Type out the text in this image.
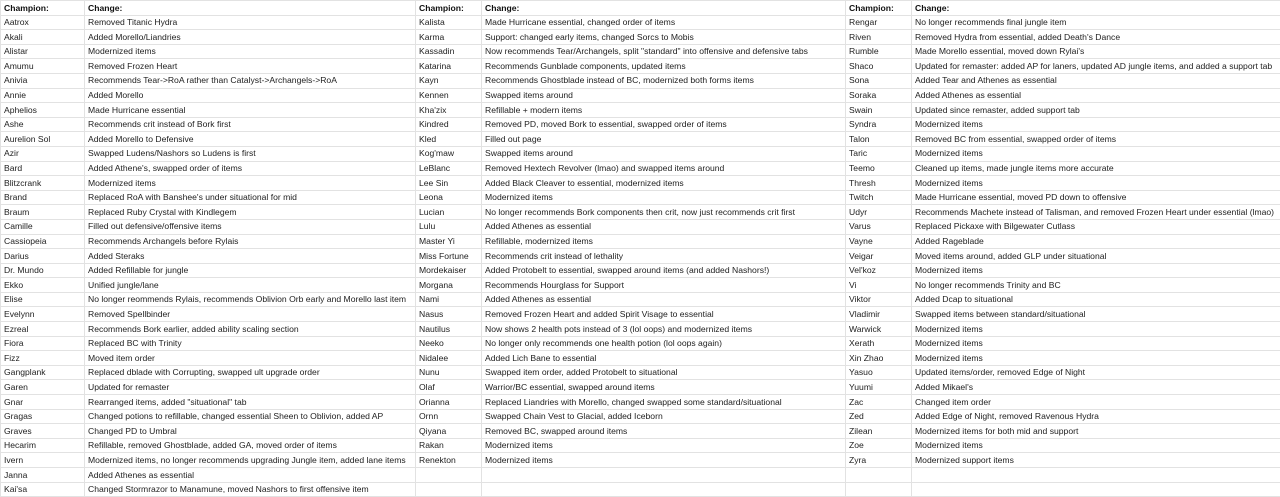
Champion:	Change:	Champion:	Change:	Champion:	Change:
Aatrox	Removed Titanic Hydra	Kalista	Made Hurricane essential, changed order of items	Rengar	No longer recommends final jungle item
Akali	Added Morello/Liandries	Karma	Support: changed early items, changed Sorcs to Mobis	Riven	Removed Hydra from essential, added Death's Dance
Alistar	Modernized items	Kassadin	Now recommends Tear/Archangels, split "standard" into offensive and defensive tabs	Rumble	Made Morello essential, moved down Rylai's
Amumu	Removed Frozen Heart	Katarina	Recommends Gunblade components, updated items	Shaco	Updated for remaster: added AP for laners, updated AD jungle items, and added a support tab
Anivia	Recommends Tear->RoA rather than Catalyst->Archangels->RoA	Kayn	Recommends Ghostblade instead of BC, modernized both forms items	Sona	Added Tear and Athenes as essential
Annie	Added Morello	Kennen	Swapped items around	Soraka	Added Athenes as essential
Aphelios	Made Hurricane essential	Kha'zix	Refillable + modern items	Swain	Updated since remaster, added support tab
Ashe	Recommends crit instead of Bork first	Kindred	Removed PD, moved Bork to essential, swapped order of items	Syndra	Modernized items
Aurelion Sol	Added Morello to Defensive	Kled	Filled out page	Talon	Removed BC from essential, swapped order of items
Azir	Swapped Ludens/Nashors so Ludens is first	Kog'maw	Swapped items around	Taric	Modernized items
Bard	Added Athene's, swapped order of items	LeBlanc	Removed Hextech Revolver (lmao) and swapped items around	Teemo	Cleaned up items, made jungle items more accurate
Blitzcrank	Modernized items	Lee Sin	Added Black Cleaver to essential, modernized items	Thresh	Modernized items
Brand	Replaced RoA with Banshee's under situational for mid	Leona	Modernized items	Twitch	Made Hurricane essential, moved PD down to offensive
Braum	Replaced Ruby Crystal with Kindlegem	Lucian	No longer recommends Bork components then crit, now just recommends crit first	Udyr	Recommends Machete instead of Talisman, and removed Frozen Heart under essential (lmao)
Camille	Filled out defensive/offensive items	Lulu	Added Athenes as essential	Varus	Replaced Pickaxe with Bilgewater Cutlass
Cassiopeia	Recommends Archangels before Rylais	Master Yi	Refillable, modernized items	Vayne	Added Rageblade
Darius	Added Steraks	Miss Fortune	Recommends crit instead of lethality	Veigar	Moved items around, added GLP under situational
Dr. Mundo	Added Refillable for jungle	Mordekaiser	Added Protobelt to essential, swapped around items (and added Nashors!)	Vel'koz	Modernized items
Ekko	Unified jungle/lane	Morgana	Recommends Hourglass for Support	Vi	No longer recommends Trinity and BC
Elise	No longer reommends Rylais, recommends Oblivion Orb early and Morello last item	Nami	Added Athenes as essential	Viktor	Added Dcap to situational
Evelynn	Removed Spellbinder	Nasus	Removed Frozen Heart and added Spirit Visage to essential	Vladimir	Swapped items between standard/situational
Ezreal	Recommends Bork earlier, added ability scaling section	Nautilus	Now shows 2 health pots instead of 3 (lol oops) and modernized items	Warwick	Modernized items
Fiora	Replaced BC with Trinity	Neeko	No longer only recommends one health potion (lol oops again)	Xerath	Modernized items
Fizz	Moved item order	Nidalee	Added Lich Bane to essential	Xin Zhao	Modernized items
Gangplank	Replaced dblade with Corrupting, swapped ult upgrade order	Nunu	Swapped item order, added Protobelt to situational	Yasuo	Updated items/order, removed Edge of Night
Garen	Updated for remaster	Olaf	Warrior/BC essential, swapped around items	Yuumi	Added Mikael's
Gnar	Rearranged items, added "situational" tab	Orianna	Replaced Liandries with Morello, changed swapped some standard/situational	Zac	Changed item order
Gragas	Changed potions to refillable, changed essential Sheen to Oblivion, added AP	Ornn	Swapped Chain Vest to Glacial, added Iceborn	Zed	Added Edge of Night, removed Ravenous Hydra
Graves	Changed PD to Umbral	Qiyana	Removed BC, swapped around items	Zilean	Modernized items for both mid and support
Hecarim	Refillable, removed Ghostblade, added GA, moved order of items	Rakan	Modernized items	Zoe	Modernized items
Ivern	Modernized items, no longer recommends upgrading Jungle item, added lane items	Renekton	Modernized items	Zyra	Modernized support items
Janna	Added Athenes as essential				
Kai'sa	Changed Stormrazor to Manamune, moved Nashors to first offensive item				
